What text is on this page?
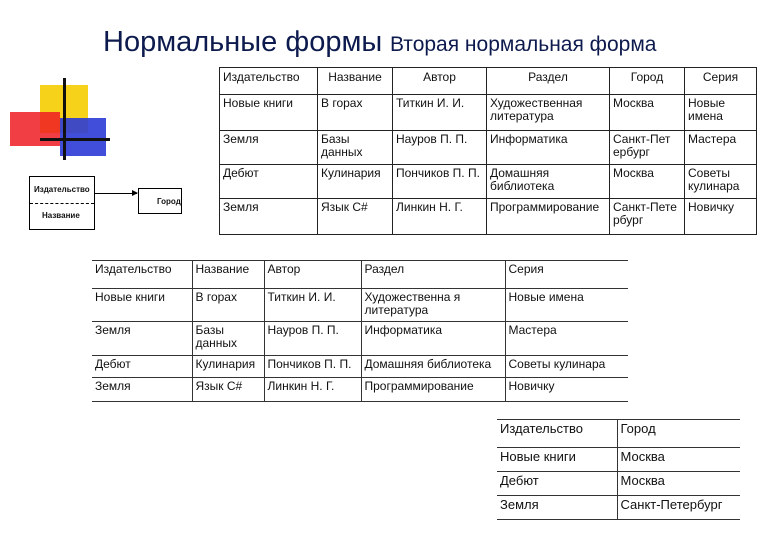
Нормальные формы Вторая нормальная форма
Издательство
Название
Город
Издательство	Название	Автор	Раздел	Город	Серия
Новые книги	В горах	Титкин И. И.	Художественная литература	Москва	Новые имена
Земля	Базы данных	Науров П. П.	Информатика	Санкт-Пет ербург	Мастера
Дебют	Кулинария	Пончиков П. П.	Домашняя библиотека	Москва	Советы кулинара
Земля	Язык С#	Линкин Н. Г.	Программирование	Санкт-Пете рбург	Новичку
Издательство	Название	Автор	Раздел	Серия
Новые книги	В горах	Титкин И. И.	Художественна я литература	Новые имена
Земля	Базы данных	Науров П. П.	Информатика	Мастера
Дебют	Кулинария	Пончиков П. П.	Домашняя библиотека	Советы кулинара
Земля	Язык С#	Линкин Н. Г.	Программирование	Новичку
Издательство	Город
Новые книги	Москва
Дебют	Москва
Земля	Санкт-Петербург
